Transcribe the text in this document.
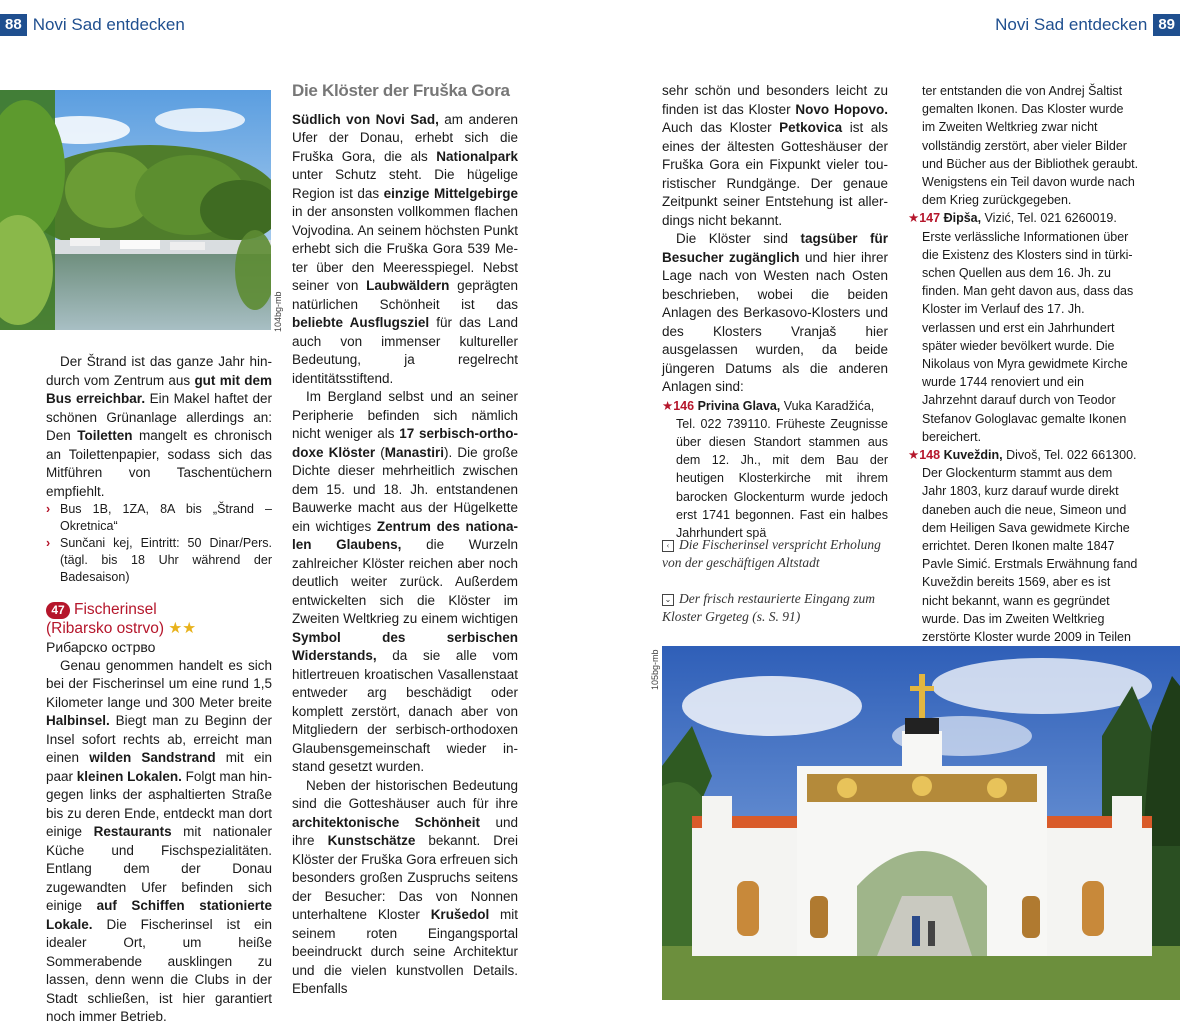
88 Novi Sad entdecken	Novi Sad entdecken 89
104bg-mb

Der Štrand ist das ganze Jahr hindurch vom Zentrum aus gut mit dem Bus erreichbar. Ein Makel haftet der schönen Grünanlage allerdings an: Den Toiletten mangelt es chronisch an Toilettenpapier, sodass sich das Mitführen von Taschentüchern empfiehlt.

› Bus 1B, 1ZA, 8A bis „Štrand – Okretnica“
› Sunčani kej, Eintritt: 50 Dinar/Pers. (tägl. bis 18 Uhr während der Badesaison)
47 Fischerinsel
(Ribarsko ostrvo) ★★

Рибарско острво

Genau genommen handelt es sich bei der Fischerinsel um eine rund 1,5 Kilometer lange und 300 Meter breite Halbinsel. Biegt man zu Beginn der Insel sofort rechts ab, erreicht man einen wilden Sandstrand mit ein paar kleinen Lokalen. Folgt man hingegen links der asphaltierten Straße bis zu deren Ende, entdeckt man dort einige Restaurants mit nationaler Küche und Fischspezialitäten. Entlang dem der Donau zugewandten Ufer befinden sich einige auf Schiffen stationierte Lokale. Die Fischerinsel ist ein idealer Ort, um heiße Sommerabende ausklingen zu lassen, denn wenn die Clubs in der Stadt schließen, ist hier garantiert noch immer Betrieb.

Die Klöster der Fruška Gora

Südlich von Novi Sad, am anderen Ufer der Donau, erhebt sich die Fruška Gora, die als Nationalpark unter Schutz steht. Die hügelige Region ist das einzige Mittelgebirge in der ansonsten vollkommen flachen Vojvodina. An seinem höchsten Punkt erhebt sich die Fruška Gora 539 Meter über den Meeresspiegel. Nebst seiner von Laubwäldern geprägten natürlichen Schönheit ist das beliebte Ausflugsziel für das Land auch von immenser kultureller Bedeutung, ja regelrecht identitätsstiftend.

Im Bergland selbst und an seiner Peripherie befinden sich nämlich nicht weniger als 17 serbisch-orthodoxe Klöster (Manastiri). Die große Dichte dieser mehrheitlich zwischen dem 15. und 18. Jh. entstandenen Bauwerke macht aus der Hügelkette ein wichtiges Zentrum des nationalen Glaubens, die Wurzeln zahlreicher Klöster reichen aber noch deutlich weiter zurück. Außerdem entwickelten sich die Klöster im Zweiten Weltkrieg zu einem wichtigen Symbol des serbischen Widerstands, da sie alle vom hitlertreuen kroatischen Vasallenstaat entweder arg beschädigt oder komplett zerstört, danach aber von Mitgliedern der serbisch-orthodoxen Glaubensgemeinschaft wieder instand gesetzt wurden.

Neben der historischen Bedeutung sind die Gotteshäuser auch für ihre architektonische Schönheit und ihre Kunstschätze bekannt. Drei Klöster der Fruška Gora erfreuen sich besonders großen Zuspruchs seitens der Besucher: Das von Nonnen unterhaltene Kloster Krušedol mit seinem roten Eingangsportal beeindruckt durch seine Architektur und die vielen kunstvollen Details. Ebenfalls

sehr schön und besonders leicht zu finden ist das Kloster Novo Hopovo. Auch das Kloster Petkovica ist als eines der ältesten Gotteshäuser der Fruška Gora ein Fixpunkt vieler touristischer Rundgänge. Der genaue Zeitpunkt seiner Entstehung ist allerdings nicht bekannt.

Die Klöster sind tagsüber für Besucher zugänglich und hier ihrer Lage nach von Westen nach Osten beschrieben, wobei die beiden Anlagen des Berkasovo-Klosters und des Klosters Vranjaš hier ausgelassen wurden, da beide jüngeren Datums als die anderen Anlagen sind:

★146 Privina Glava, Vuka Karadžića,
Tel. 022 739110. Früheste Zeugnisse über diesen Standort stammen aus dem 12. Jh., mit dem Bau der heutigen Klosterkirche mit ihrem barocken Glockenturm wurde jedoch erst 1741 begonnen. Fast ein halbes Jahrhundert spä
‹ Die Fischerinsel verspricht Erholung von der geschäftigen Altstadt
⌄ Der frisch restaurierte Eingang zum Kloster Grgeteg (s. S. 91)
ter entstanden die von Andrej Šaltist gemalten Ikonen. Das Kloster wurde im Zweiten Weltkrieg zwar nicht vollständig zerstört, aber vieler Bilder und Bücher aus der Bibliothek geraubt. Wenigstens ein Teil davon wurde nach dem Krieg zurückgegeben.
★147 Đipša, Vizić, Tel. 021 6260019.
Erste verlässliche Informationen über die Existenz des Klosters sind in türkischen Quellen aus dem 16. Jh. zu finden. Man geht davon aus, dass das Kloster im Verlauf des 17. Jh. verlassen und erst ein Jahrhundert später wieder bevölkert wurde. Die Nikolaus von Myra gewidmete Kirche wurde 1744 renoviert und ein Jahrzehnt darauf durch von Teodor Stefanov Gologlavac gemalte Ikonen bereichert.
★148 Kuveždin, Divoš, Tel. 022 661300.
Der Glockenturm stammt aus dem Jahr 1803, kurz darauf wurde direkt daneben auch die neue, Simeon und dem Heiligen Sava gewidmete Kirche errichtet. Deren Ikonen malte 1847 Pavle Simić. Erstmals Erwähnung fand Kuveždin bereits 1569, aber es ist nicht bekannt, wann es gegründet wurde. Das im Zweiten Weltkrieg zerstörte Kloster wurde 2009 in Teilen
105bg-mb
